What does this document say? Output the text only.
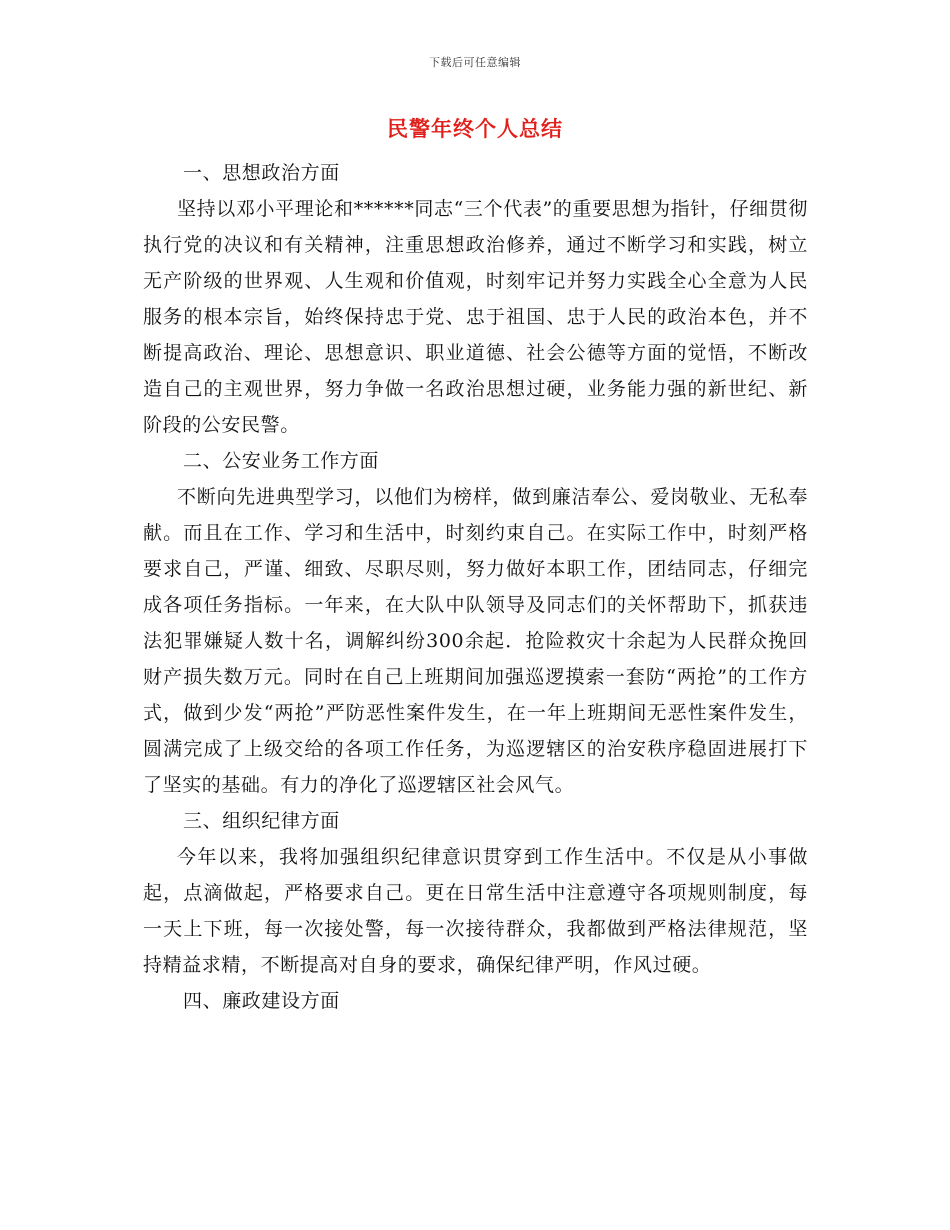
下载后可任意编辑
民警年终个人总结

一、思想政治方面

坚持以邓小平理论和******同志“三个代表”的重要思想为指针，仔细贯彻执行党的决议和有关精神，注重思想政治修养，通过不断学习和实践，树立无产阶级的世界观、人生观和价值观，时刻牢记并努力实践全心全意为人民服务的根本宗旨，始终保持忠于党、忠于祖国、忠于人民的政治本色，并不断提高政治、理论、思想意识、职业道德、社会公德等方面的觉悟，不断改造自己的主观世界，努力争做一名政治思想过硬，业务能力强的新世纪、新阶段的公安民警。

二、公安业务工作方面

不断向先进典型学习，以他们为榜样，做到廉洁奉公、爱岗敬业、无私奉献。而且在工作、学习和生活中，时刻约束自己。在实际工作中，时刻严格要求自己，严谨、细致、尽职尽则，努力做好本职工作，团结同志，仔细完成各项任务指标。一年来，在大队中队领导及同志们的关怀帮助下，抓获违法犯罪嫌疑人数十名，调解纠纷300余起．抢险救灾十余起为人民群众挽回财产损失数万元。同时在自己上班期间加强巡逻摸索一套防“两抢”的工作方式，做到少发“两抢”严防恶性案件发生，在一年上班期间无恶性案件发生，圆满完成了上级交给的各项工作任务，为巡逻辖区的治安秩序稳固进展打下了坚实的基础。有力的净化了巡逻辖区社会风气。

三、组织纪律方面

今年以来，我将加强组织纪律意识贯穿到工作生活中。不仅是从小事做起，点滴做起，严格要求自己。更在日常生活中注意遵守各项规则制度，每一天上下班，每一次接处警，每一次接待群众，我都做到严格法律规范，坚持精益求精，不断提高对自身的要求，确保纪律严明，作风过硬。

四、廉政建设方面
